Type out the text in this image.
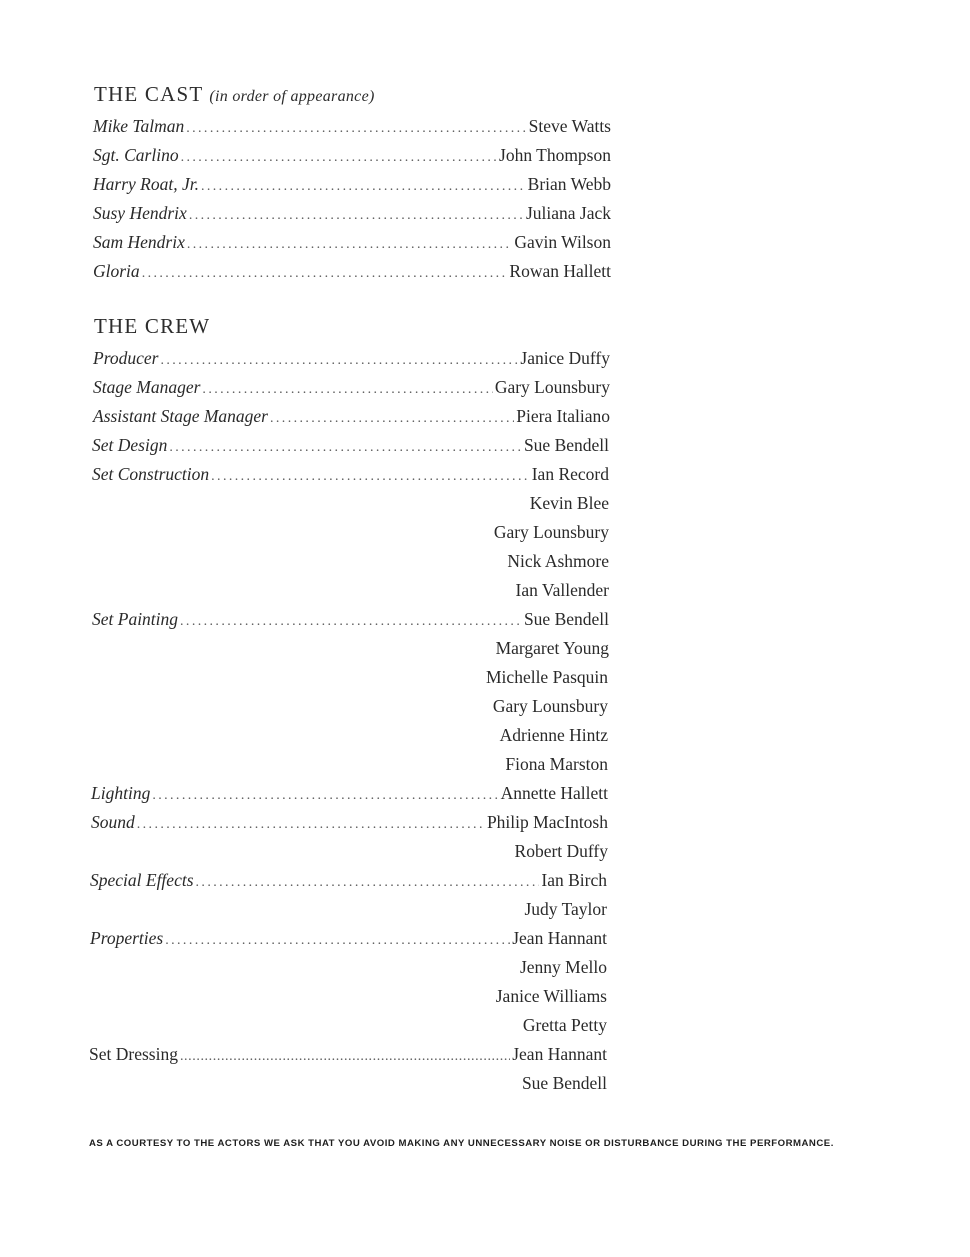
THE CAST (in order of appearance)
Mike Talman .....	Steve Watts
Sgt. Carlino .....	John Thompson
Harry Roat, Jr. .....	Brian Webb
Susy Hendrix .....	Juliana Jack
Sam Hendrix .....	Gavin Wilson
Gloria .....	Rowan Hallett
THE CREW
Producer .....	Janice Duffy
Stage Manager .....	Gary Lounsbury
Assistant Stage Manager .....	Piera Italiano
Set Design .....	Sue Bendell
Set Construction .....	Ian Record
Kevin Blee
Gary Lounsbury
Nick Ashmore
Ian Vallender
Set Painting .....	Sue Bendell
Margaret Young
Michelle Pasquin
Gary Lounsbury
Adrienne Hintz
Fiona Marston
Lighting .....	Annette Hallett
Sound .....	Philip MacIntosh
Robert Duffy
Special Effects .....	Ian Birch
Judy Taylor
Properties .....	Jean Hannant
Jenny Mello
Janice Williams
Gretta Petty
Set Dressing .....	Jean Hannant
Sue Bendell
AS A COURTESY TO THE ACTORS WE ASK THAT YOU AVOID MAKING ANY UNNECESSARY NOISE OR DISTURBANCE DURING THE PERFORMANCE.
